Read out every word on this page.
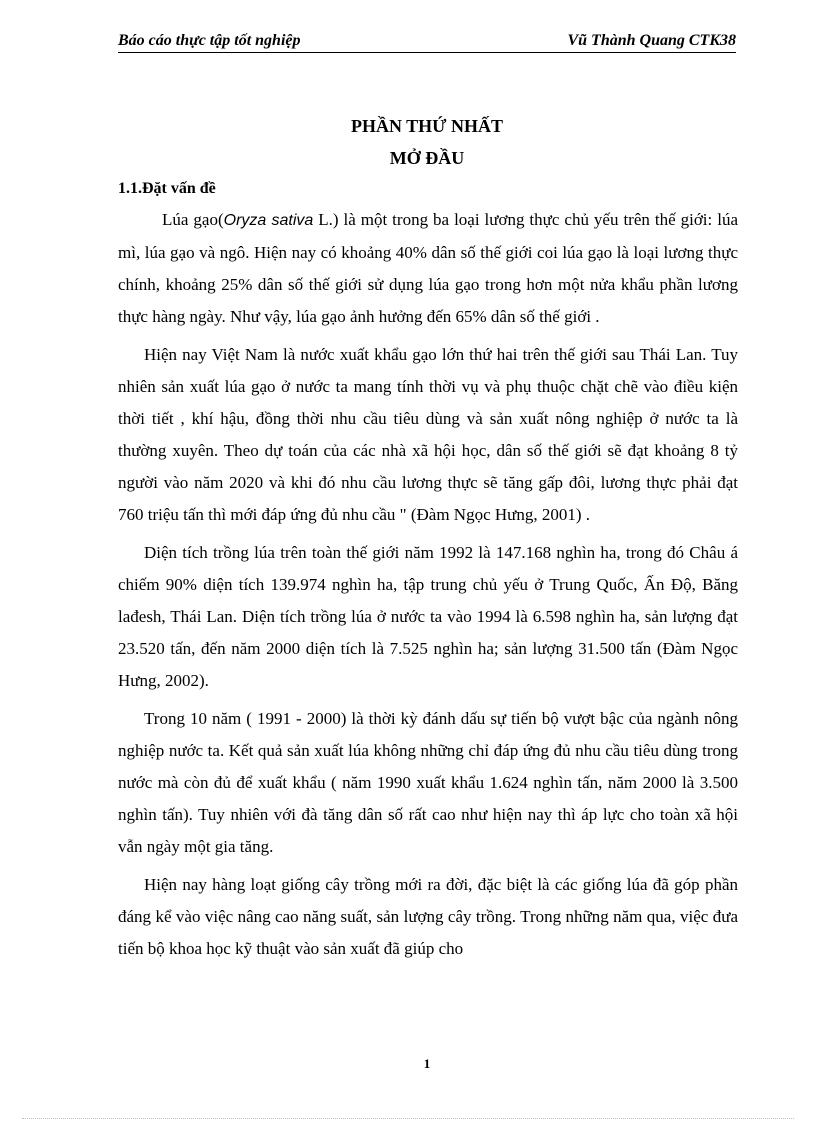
Báo cáo thực tập tốt nghiệp	Vũ Thành Quang CTK38
PHẦN THỨ NHẤT
MỞ ĐẦU
1.1.Đặt vấn đề

Lúa gạo(Oryza sativa L.) là một trong ba loại lương thực chủ yếu trên thế giới: lúa mì, lúa gạo và ngô. Hiện nay có khoảng 40% dân số thế giới coi lúa gạo là loại lương thực chính, khoảng 25% dân số thế giới sử dụng lúa gạo trong hơn một nửa khẩu phần lương thực hàng ngày. Như vậy, lúa gạo ảnh hưởng đến 65% dân số thế giới .

Hiện nay Việt Nam là nước xuất khẩu gạo lớn thứ hai trên thế giới sau Thái Lan. Tuy nhiên sản xuất lúa gạo ở nước ta mang tính thời vụ và phụ thuộc chặt chẽ vào điều kiện thời tiết , khí hậu, đồng thời nhu cầu tiêu dùng và sản xuất nông nghiệp ở nước ta là thường xuyên. Theo dự toán của các nhà xã hội học, dân số thế giới sẽ đạt khoảng 8 tỷ người vào năm 2020 và khi đó nhu cầu lương thực sẽ tăng gấp đôi, lương thực phải đạt 760 triệu tấn thì mới đáp ứng đủ nhu cầu " (Đàm Ngọc Hưng, 2001) .

Diện tích trồng lúa trên toàn thế giới năm 1992 là 147.168 nghìn ha, trong đó Châu á chiếm 90% diện tích 139.974 nghìn ha, tập trung chủ yếu ở Trung Quốc, Ấn Độ, Băng lađesh, Thái Lan. Diện tích trồng lúa ở nước ta vào 1994 là 6.598 nghìn ha, sản lượng đạt 23.520 tấn, đến năm 2000 diện tích là 7.525 nghìn ha; sản lượng 31.500 tấn (Đàm Ngọc Hưng, 2002).

Trong 10 năm ( 1991 - 2000) là thời kỳ đánh dấu sự tiến bộ vượt bậc của ngành nông nghiệp nước ta. Kết quả sản xuất lúa không những chỉ đáp ứng đủ nhu cầu tiêu dùng trong nước mà còn đủ để xuất khẩu ( năm 1990 xuất khẩu 1.624 nghìn tấn, năm 2000 là 3.500 nghìn tấn). Tuy nhiên với đà tăng dân số rất cao như hiện nay thì áp lực cho toàn xã hội vẫn ngày một gia tăng.

Hiện nay hàng loạt giống cây trồng mới ra đời, đặc biệt là các giống lúa đã góp phần đáng kể vào việc nâng cao năng suất, sản lượng cây trồng. Trong những năm qua, việc đưa tiến bộ khoa học kỹ thuật vào sản xuất đã giúp cho

1
